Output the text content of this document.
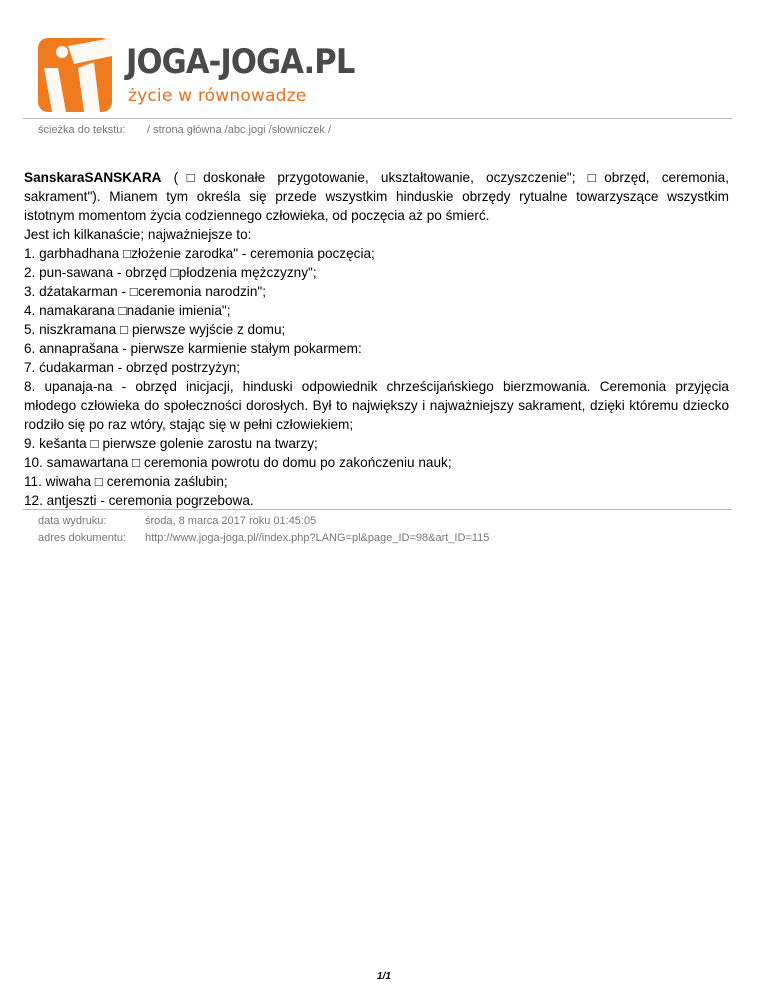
JOGA-JOGA.PL
życie w równowadze
ścieżka do tekstu: / strona główna /abc jogi /słowniczek /

SanskaraSANSKARA (□doskonałe przygotowanie, ukształtowanie, oczyszczenie"; □obrzęd, ceremonia, sakrament"). Mianem tym określa się przede wszystkim hinduskie obrzędy rytualne towarzyszące wszystkim istotnym momentom życia codziennego człowieka, od poczęcia aż po śmierć.

Jest ich kilkanaście; najważniejsze to:

1. garbhadhana □złożenie zarodka" - ceremonia poczęcia;

2. pun-sawana - obrzęd □płodzenia mężczyzny";

3. dźatakarman - □ceremonia narodzin";

4. namakarana □nadanie imienia";

5. niszkramana □ pierwsze wyjście z domu;

6. annaprašana - pierwsze karmienie stałym pokarmem:

7. ćudakarman - obrzęd postrzyżyn;

8. upanaja-na - obrzęd inicjacji, hinduski odpowiednik chrześcijańskiego bierzmowania. Ceremonia przyjęcia młodego człowieka do społeczności dorosłych. Był to największy i najważniejszy sakrament, dzięki któremu dziecko rodziło się po raz wtóry, stając się w pełni człowiekiem;

9. kešanta □ pierwsze golenie zarostu na twarzy;

10. samawartana □ ceremonia powrotu do domu po zakończeniu nauk;

11. wiwaha □ ceremonia zaślubin;

12. antjeszti - ceremonia pogrzebowa.

data wydruku:	środa, 8 marca 2017 roku 01:45:05
adres dokumentu: http://www.joga-joga.pl//index.php?LANG=pl&page_ID=98&art_ID=115
1/1
